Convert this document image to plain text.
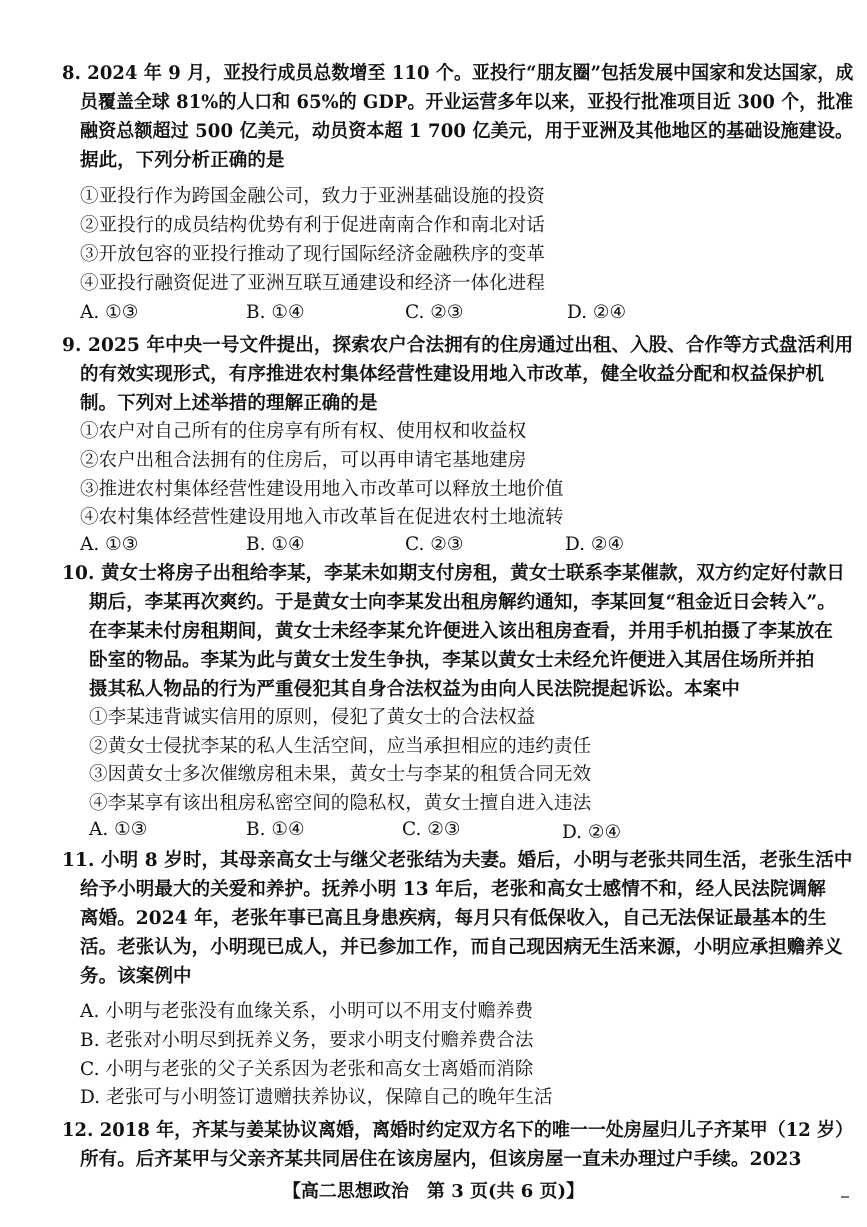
8. 2024 年 9 月，亚投行成员总数增至 110 个。亚投行“朋友圈”包括发展中国家和发达国家，成
员覆盖全球 81%的人口和 65%的 GDP。开业运营多年以来，亚投行批准项目近 300 个，批准
融资总额超过 500 亿美元，动员资本超 1 700 亿美元，用于亚洲及其他地区的基础设施建设。
据此，下列分析正确的是
①亚投行作为跨国金融公司，致力于亚洲基础设施的投资
②亚投行的成员结构优势有利于促进南南合作和南北对话
③开放包容的亚投行推动了现行国际经济金融秩序的变革
④亚投行融资促进了亚洲互联互通建设和经济一体化进程
A. ①③	B. ①④	C. ②③	D. ②④
9. 2025 年中央一号文件提出，探索农户合法拥有的住房通过出租、入股、合作等方式盘活利用
的有效实现形式，有序推进农村集体经营性建设用地入市改革，健全收益分配和权益保护机
制。下列对上述举措的理解正确的是
①农户对自己所有的住房享有所有权、使用权和收益权
②农户出租合法拥有的住房后，可以再申请宅基地建房
③推进农村集体经营性建设用地入市改革可以释放土地价值
④农村集体经营性建设用地入市改革旨在促进农村土地流转
A. ①③	B. ①④	C. ②③	D. ②④
10. 黄女士将房子出租给李某，李某未如期支付房租，黄女士联系李某催款，双方约定好付款日
期后，李某再次爽约。于是黄女士向李某发出租房解约通知，李某回复“租金近日会转入”。
在李某未付房租期间，黄女士未经李某允许便进入该出租房查看，并用手机拍摄了李某放在
卧室的物品。李某为此与黄女士发生争执，李某以黄女士未经允许便进入其居住场所并拍
摄其私人物品的行为严重侵犯其自身合法权益为由向人民法院提起诉讼。本案中
①李某违背诚实信用的原则，侵犯了黄女士的合法权益
②黄女士侵扰李某的私人生活空间，应当承担相应的违约责任
③因黄女士多次催缴房租未果，黄女士与李某的租赁合同无效
④李某享有该出租房私密空间的隐私权，黄女士擅自进入违法
A. ①③	B. ①④	C. ②③	D. ②④
11. 小明 8 岁时，其母亲高女士与继父老张结为夫妻。婚后，小明与老张共同生活，老张生活中
给予小明最大的关爱和养护。抚养小明 13 年后，老张和高女士感情不和，经人民法院调解
离婚。2024 年，老张年事已高且身患疾病，每月只有低保收入，自己无法保证最基本的生
活。老张认为，小明现已成人，并已参加工作，而自己现因病无生活来源，小明应承担赡养义
务。该案例中
A. 小明与老张没有血缘关系，小明可以不用支付赡养费
B. 老张对小明尽到抚养义务，要求小明支付赡养费合法
C. 小明与老张的父子关系因为老张和高女士离婚而消除
D. 老张可与小明签订遗赠扶养协议，保障自己的晚年生活
12. 2018 年，齐某与姜某协议离婚，离婚时约定双方名下的唯一一处房屋归儿子齐某甲（12 岁）
所有。后齐某甲与父亲齐某共同居住在该房屋内，但该房屋一直未办理过户手续。2023
【高二思想政治　第 3 页(共 6 页)】
